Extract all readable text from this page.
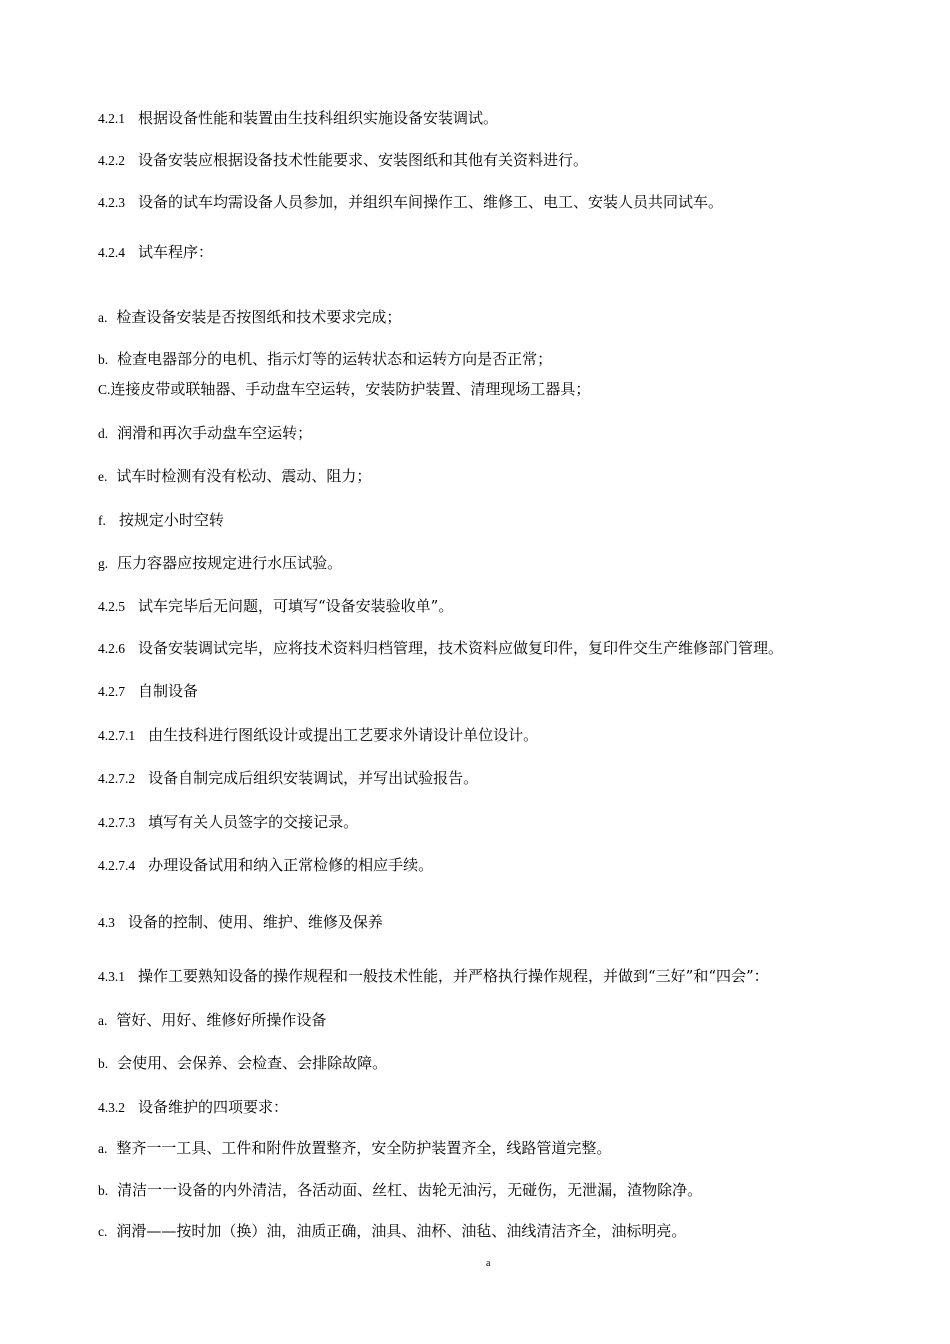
4.2.1 根据设备性能和装置由生技科组织实施设备安装调试。
4.2.2 设备安装应根据设备技术性能要求、安装图纸和其他有关资料进行。
4.2.3 设备的试车均需设备人员参加，并组织车间操作工、维修工、电工、安装人员共同试车。
4.2.4 试车程序：
a. 检查设备安装是否按图纸和技术要求完成；
b. 检查电器部分的电机、指示灯等的运转状态和运转方向是否正常；
C.连接皮带或联轴器、手动盘车空运转，安装防护装置、清理现场工器具；
d. 润滑和再次手动盘车空运转；
e. 试车时检测有没有松动、震动、阻力；
f. 按规定小时空转
g. 压力容器应按规定进行水压试验。
4.2.5 试车完毕后无问题，可填写“设备安装验收单”。
4.2.6 设备安装调试完毕，应将技术资料归档管理，技术资料应做复印件，复印件交生产维修部门管理。
4.2.7 自制设备
4.2.7.1 由生技科进行图纸设计或提出工艺要求外请设计单位设计。
4.2.7.2 设备自制完成后组织安装调试，并写出试验报告。
4.2.7.3 填写有关人员签字的交接记录。
4.2.7.4 办理设备试用和纳入正常检修的相应手续。
4.3 设备的控制、使用、维护、维修及保养
4.3.1 操作工要熟知设备的操作规程和一般技术性能，并严格执行操作规程，并做到“三好”和“四会”：
a. 管好、用好、维修好所操作设备
b. 会使用、会保养、会检查、会排除故障。
4.3.2 设备维护的四项要求：
a. 整齐一一工具、工件和附件放置整齐，安全防护装置齐全，线路管道完整。
b. 清洁一一设备的内外清洁，各活动面、丝杠、齿轮无油污，无碰伤，无泄漏，渣物除净。
c. 润滑——按时加（换）油，油质正确，油具、油杯、油毡、油线清洁齐全，油标明亮。
a
